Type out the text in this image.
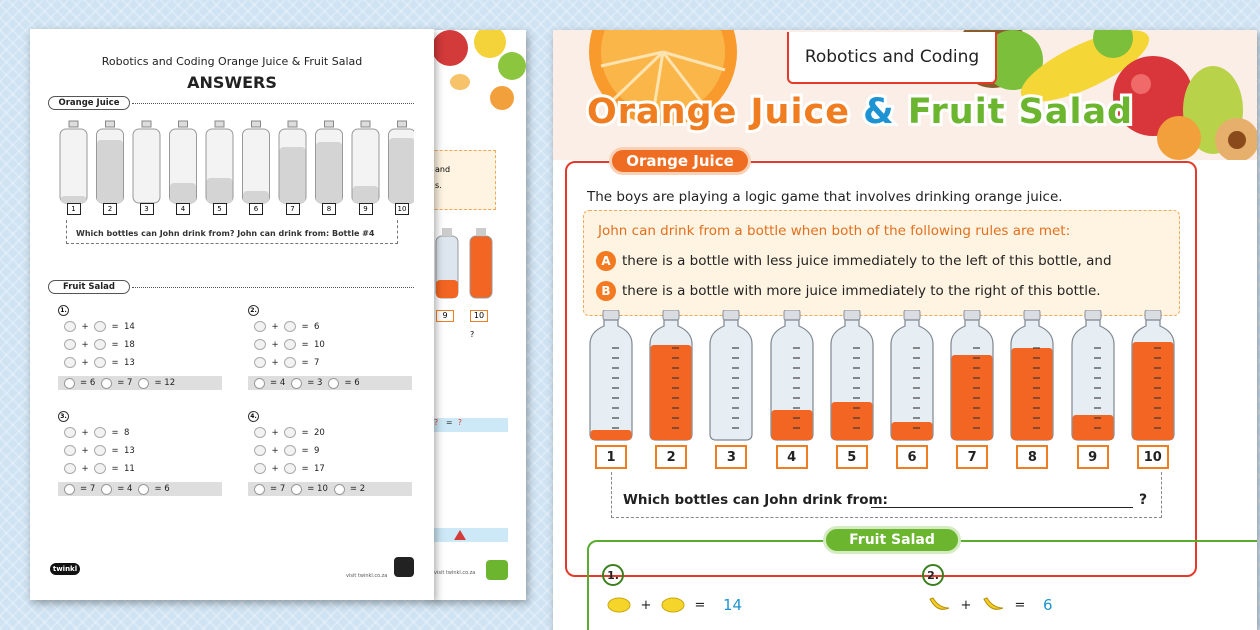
and
s.
9	10
?
? = ?
visit twinkl.co.za
Robotics and Coding Orange Juice & Fruit Salad
ANSWERS
Orange Juice
1	2	3	4	5	6	7	8	9	10
Which bottles can John drink from? John can drink from: Bottle #4
Fruit Salad
1.
+	= 14
+	= 18
+	= 13
= 6	= 7	= 12
2.
+	= 6
+	= 10
+	= 7
= 4	= 3	= 6
3.
+	= 8
+	= 13
+	= 11
= 7	= 4	= 6
4.
+	= 20
+	= 9
+	= 17
= 7	= 10	= 2
twinkl
visit twinkl.co.za
Robotics and Coding
Orange Juice & Fruit Salad
Orange Juice
The boys are playing a logic game that involves drinking orange juice.
John can drink from a bottle when both of the following rules are met:
A there is a bottle with less juice immediately to the left of this bottle, and
B there is a bottle with more juice immediately to the right of this bottle.
1	2	3	4	5	6	7	8	9	10
Which bottles can John drink from:	?
Fruit Salad
1.
+	=	14
2.
+	=	6
